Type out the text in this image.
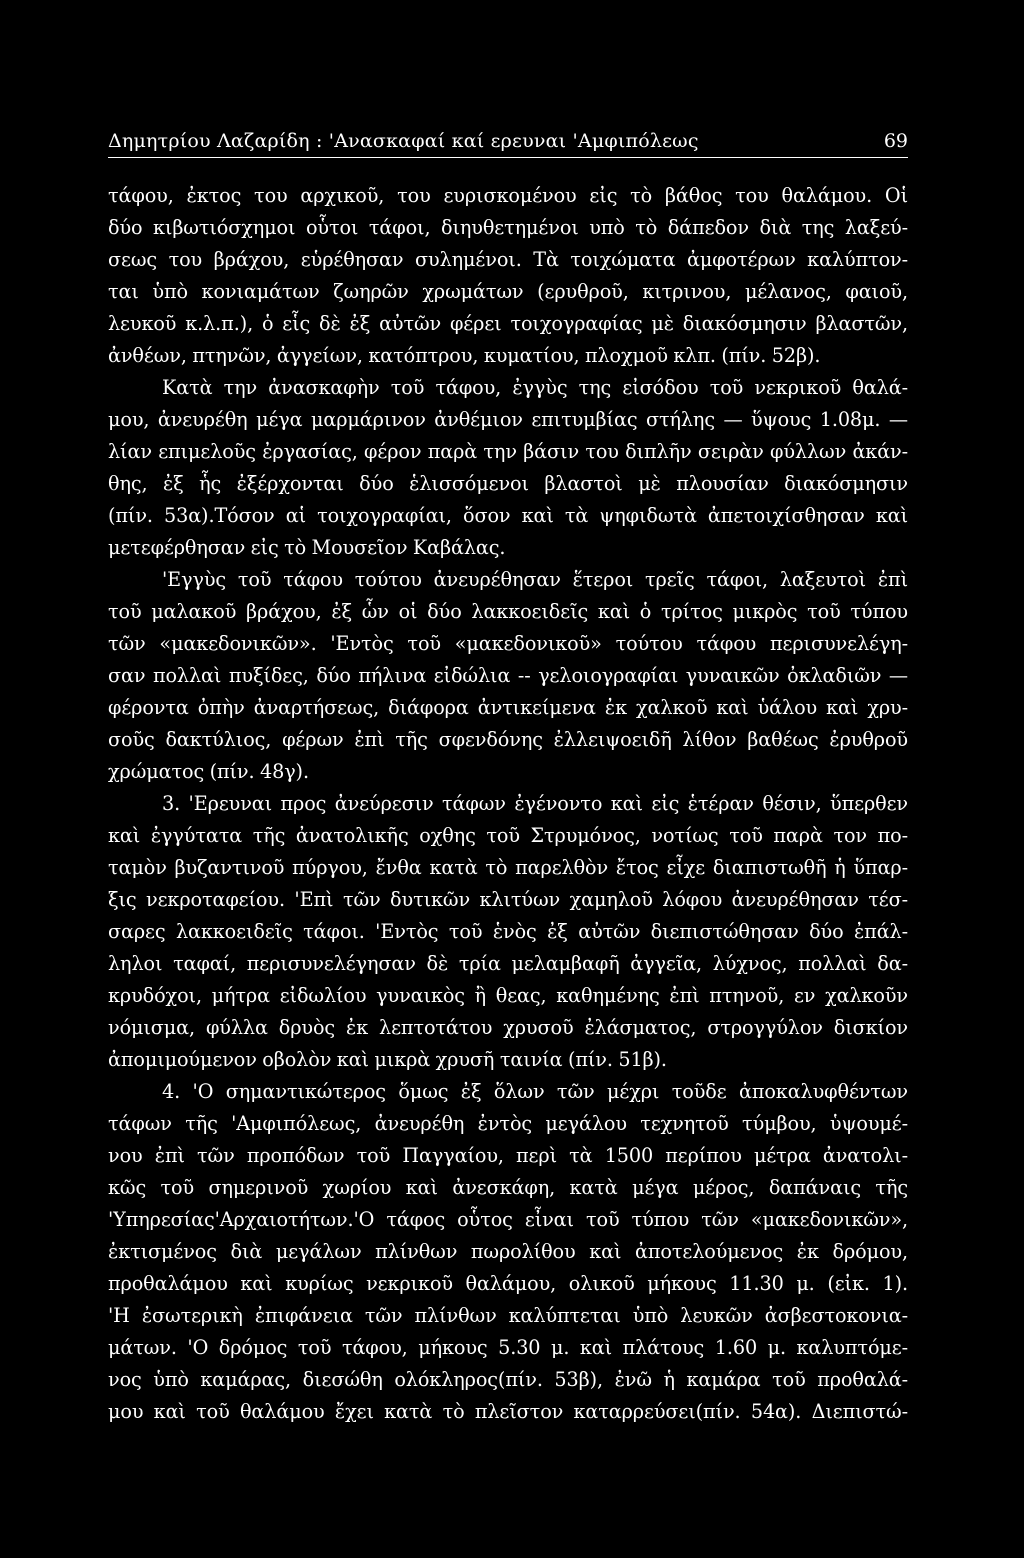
Δημητρίου Λαζαρίδη : 'Ανασκαφαί καί ερευναι 'Αμφιπόλεως	69
τάφου, ἐκτος του αρχικοῦ, του ευρισκομένου εἰς τὸ βάθος του θαλάμου. Οἱ
δύο κιβωτιόσχημοι οὗτοι τάφοι, διηυθετημένοι υπὸ τὸ δάπεδον διὰ της λαξεύ-
σεως του βράχου, εὑρέθησαν συλημένοι. Τὰ τοιχώματα ἀμφοτέρων καλύπτον-
ται ὑπὸ κονιαμάτων ζωηρῶν χρωμάτων (ερυθροῦ, κιτρινου, μέλανος, φαιοῦ,
λευκοῦ κ.λ.π.), ὁ εἷς δὲ ἐξ αὐτῶν φέρει τοιχογραφίας μὲ διακόσμησιν βλαστῶν,
ἀνθέων, πτηνῶν, ἀγγείων, κατόπτρου, κυματίου, πλοχμοῦ κλπ. (πίν. 52β).
Κατὰ την ἀνασκαφὴν τοῦ τάφου, ἐγγὺς της εἰσόδου τοῦ νεκρικοῦ θαλά-
μου, ἀνευρέθη μέγα μαρμάρινον ἀνθέμιον επιτυμβίας στήλης — ὕψους 1.08μ. —
λίαν επιμελοῦς ἐργασίας, φέρον παρὰ την βάσιν του διπλῆν σειρὰν φύλλων ἀκάν-
θης, ἐξ ἧς ἐξέρχονται δύο ἑλισσόμενοι βλαστοὶ μὲ πλουσίαν διακόσμησιν
(πίν. 53α).Τόσον αἱ τοιχογραφίαι, ὅσον καὶ τὰ ψηφιδωτὰ ἀπετοιχίσθησαν καὶ
μετεφέρθησαν εἰς τὸ Μουσεῖον Καβάλας.
'Εγγὺς τοῦ τάφου τούτου ἀνευρέθησαν ἕτεροι τρεῖς τάφοι, λαξευτοὶ ἐπὶ
τοῦ μαλακοῦ βράχου, ἐξ ὧν οἱ δύο λακκοειδεῖς καὶ ὁ τρίτος μικρὸς τοῦ τύπου
τῶν «μακεδονικῶν». 'Εντὸς τοῦ «μακεδονικοῦ» τούτου τάφου περισυνελέγη-
σαν πολλαὶ πυξίδες, δύο πήλινα εἰδώλια -- γελοιογραφίαι γυναικῶν ὀκλαδιῶν —
φέροντα ὀπὴν ἀναρτήσεως, διάφορα ἀντικείμενα ἐκ χαλκοῦ καὶ ὑάλου καὶ χρυ-
σοῦς δακτύλιος, φέρων ἐπὶ τῆς σφενδόνης ἐλλειψοειδῆ λίθον βαθέως ἐρυθροῦ
χρώματος (πίν. 48γ).
3. 'Ερευναι προς ἀνεύρεσιν τάφων ἐγένοντο καὶ εἰς ἑτέραν θέσιν, ὕπερθεν
καὶ ἐγγύτατα τῆς ἀνατολικῆς οχθης τοῦ Στρυμόνος, νοτίως τοῦ παρὰ τον πο-
ταμὸν βυζαντινοῦ πύργου, ἔνθα κατὰ τὸ παρελθὸν ἔτος εἶχε διαπιστωθῆ ἡ ὕπαρ-
ξις νεκροταφείου. 'Επὶ τῶν δυτικῶν κλιτύων χαμηλοῦ λόφου ἀνευρέθησαν τέσ-
σαρες λακκοειδεῖς τάφοι. 'Εντὸς τοῦ ἑνὸς ἐξ αὐτῶν διεπιστώθησαν δύο ἐπάλ-
ληλοι ταφαί, περισυνελέγησαν δὲ τρία μελαμβαφῆ ἀγγεῖα, λύχνος, πολλαὶ δα-
κρυδόχοι, μήτρα εἰδωλίου γυναικὸς ἢ θεας, καθημένης ἐπὶ πτηνοῦ, εν χαλκοῦν
νόμισμα, φύλλα δρυὸς ἐκ λεπτοτάτου χρυσοῦ ἐλάσματος, στρογγύλον δισκίον
ἀπομιμούμενον οβολὸν καὶ μικρὰ χρυσῆ ταινία (πίν. 51β).
4. 'Ο σημαντικώτερος ὅμως ἐξ ὅλων τῶν μέχρι τοῦδε ἀποκαλυφθέντων
τάφων τῆς 'Αμφιπόλεως, ἀνευρέθη ἐντὸς μεγάλου τεχνητοῦ τύμβου, ὑψουμέ-
νου ἐπὶ τῶν προπόδων τοῦ Παγγαίου, περὶ τὰ 1500 περίπου μέτρα ἀνατολι-
κῶς τοῦ σημερινοῦ χωρίου καὶ ἀνεσκάφη, κατὰ μέγα μέρος, δαπάναις τῆς
'Υπηρεσίας'Αρχαιοτήτων.'Ο τάφος οὗτος εἶναι τοῦ τύπου τῶν «μακεδονικῶν»,
ἐκτισμένος διὰ μεγάλων πλίνθων πωρολίθου καὶ ἀποτελούμενος ἐκ δρόμου,
προθαλάμου καὶ κυρίως νεκρικοῦ θαλάμου, ολικοῦ μήκους 11.30 μ. (εἰκ. 1).
'Η ἐσωτερικὴ ἐπιφάνεια τῶν πλίνθων καλύπτεται ὑπὸ λευκῶν ἀσβεστοκονια-
μάτων. 'Ο δρόμος τοῦ τάφου, μήκους 5.30 μ. καὶ πλάτους 1.60 μ. καλυπτόμε-
νος ὑπὸ καμάρας, διεσώθη ολόκληρος(πίν. 53β), ἐνῶ ἡ καμάρα τοῦ προθαλά-
μου καὶ τοῦ θαλάμου ἔχει κατὰ τὸ πλεῖστον καταρρεύσει(πίν. 54α). Διεπιστώ-
